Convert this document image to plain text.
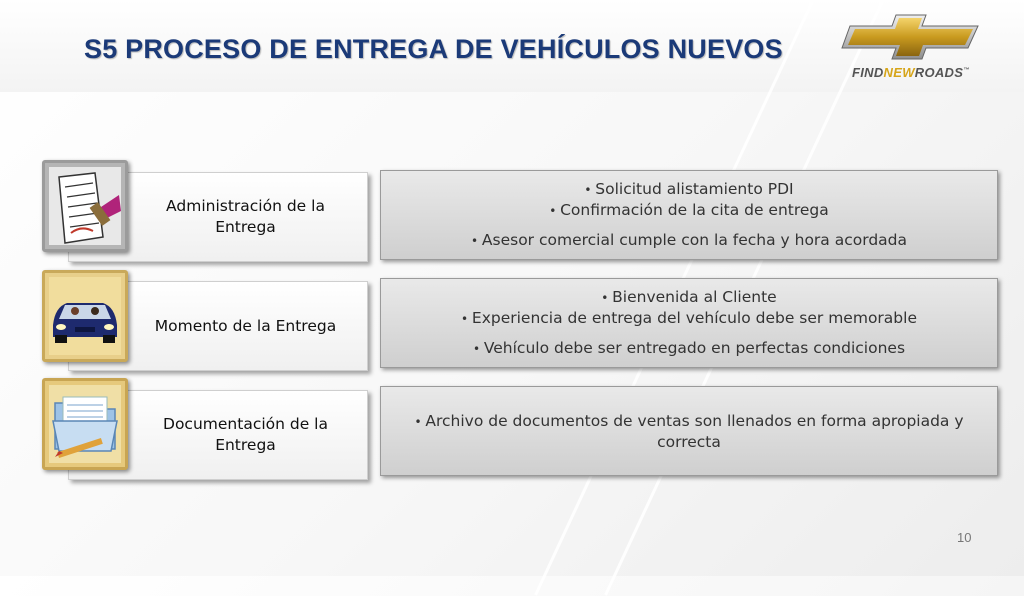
S5 PROCESO DE ENTREGA DE VEHÍCULOS NUEVOS
FINDNEWROADS™
Administración de la Entrega
• Solicitud alistamiento PDI
• Confirmación de la cita de entrega
• Asesor comercial cumple con la fecha y hora acordada
Momento de la Entrega
• Bienvenida al Cliente
• Experiencia de entrega del vehículo debe ser memorable
• Vehículo debe ser entregado en perfectas condiciones
Documentación de la Entrega
• Archivo de documentos de ventas son llenados en forma apropiada y correcta
10
